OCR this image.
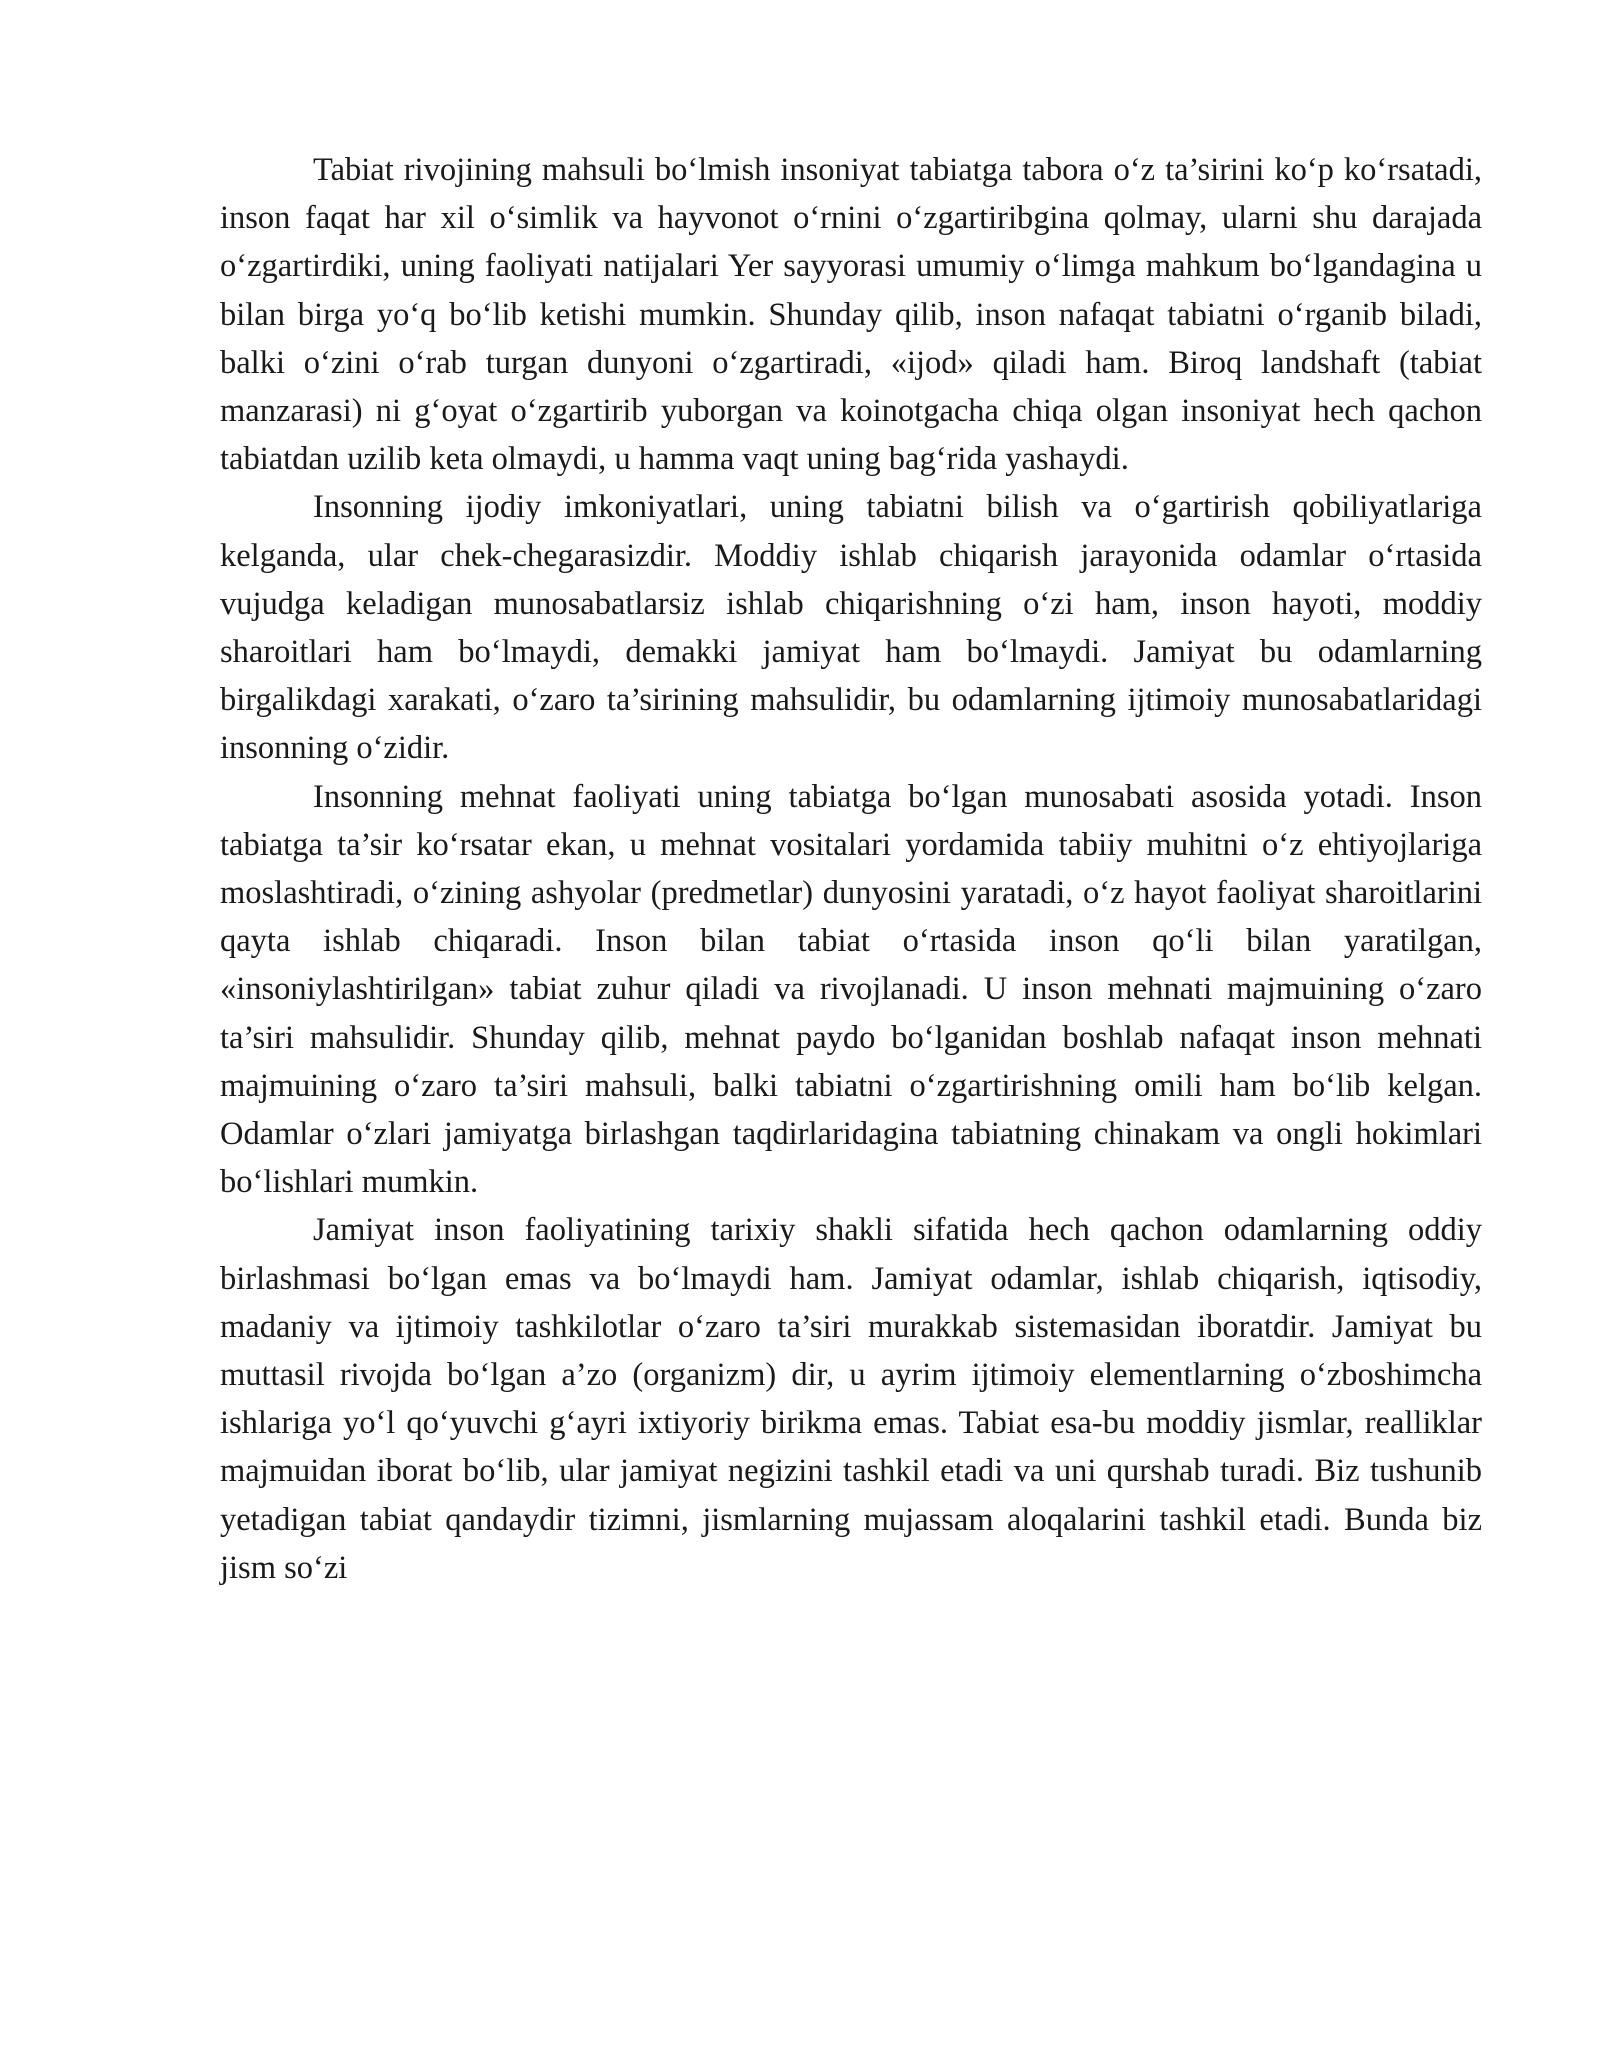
Tabiat rivojining mahsuli bo‘lmish insoniyat tabiatga tabora o‘z ta’sirini ko‘p ko‘rsatadi, inson faqat har xil o‘simlik va hayvonot o‘rnini o‘zgartiribgina qolmay, ularni shu darajada o‘zgartirdiki, uning faoliyati natijalari Yer sayyorasi umumiy o‘limga mahkum bo‘lgandagina u bilan birga yo‘q bo‘lib ketishi mumkin. Shunday qilib, inson nafaqat tabiatni o‘rganib biladi, balki o‘zini o‘rab turgan dunyoni o‘zgartiradi, «ijod» qiladi ham. Biroq landshaft (tabiat manzarasi) ni g‘oyat o‘zgartirib yuborgan va koinotgacha chiqa olgan insoniyat hech qachon tabiatdan uzilib keta olmaydi, u hamma vaqt uning bag‘rida yashaydi.

Insonning ijodiy imkoniyatlari, uning tabiatni bilish va o‘gartirish qobiliyatlariga kelganda, ular chek-chegarasizdir. Moddiy ishlab chiqarish jarayonida odamlar o‘rtasida vujudga keladigan munosabatlarsiz ishlab chiqarishning o‘zi ham, inson hayoti, moddiy sharoitlari ham bo‘lmaydi, demakki jamiyat ham bo‘lmaydi. Jamiyat bu odamlarning birgalikdagi xarakati, o‘zaro ta’sirining mahsulidir, bu odamlarning ijtimoiy munosabatlaridagi insonning o‘zidir.

Insonning mehnat faoliyati uning tabiatga bo‘lgan munosabati asosida yotadi. Inson tabiatga ta’sir ko‘rsatar ekan, u mehnat vositalari yordamida tabiiy muhitni o‘z ehtiyojlariga moslashtiradi, o‘zining ashyolar (predmetlar) dunyosini yaratadi, o‘z hayot faoliyat sharoitlarini qayta ishlab chiqaradi. Inson bilan tabiat o‘rtasida inson qo‘li bilan yaratilgan, «insoniylashtirilgan» tabiat zuhur qiladi va rivojlanadi. U inson mehnati majmuining o‘zaro ta’siri mahsulidir. Shunday qilib, mehnat paydo bo‘lganidan boshlab nafaqat inson mehnati majmuining o‘zaro ta’siri mahsuli, balki tabiatni o‘zgartirishning omili ham bo‘lib kelgan. Odamlar o‘zlari jamiyatga birlashgan taqdirlaridagina tabiatning chinakam va ongli hokimlari bo‘lishlari mumkin.

Jamiyat inson faoliyatining tarixiy shakli sifatida hech qachon odamlarning oddiy birlashmasi bo‘lgan emas va bo‘lmaydi ham. Jamiyat odamlar, ishlab chiqarish, iqtisodiy, madaniy va ijtimoiy tashkilotlar o‘zaro ta’siri murakkab sistemasidan iboratdir. Jamiyat bu muttasil rivojda bo‘lgan a’zo (organizm) dir, u ayrim ijtimoiy elementlarning o‘zboshimcha ishlariga yo‘l qo‘yuvchi g‘ayri ixtiyoriy birikma emas. Tabiat esa-bu moddiy jismlar, realliklar majmuidan iborat bo‘lib, ular jamiyat negizini tashkil etadi va uni qurshab turadi. Biz tushunib yetadigan tabiat qandaydir tizimni, jismlarning mujassam aloqalarini tashkil etadi. Bunda biz jism so‘zi
